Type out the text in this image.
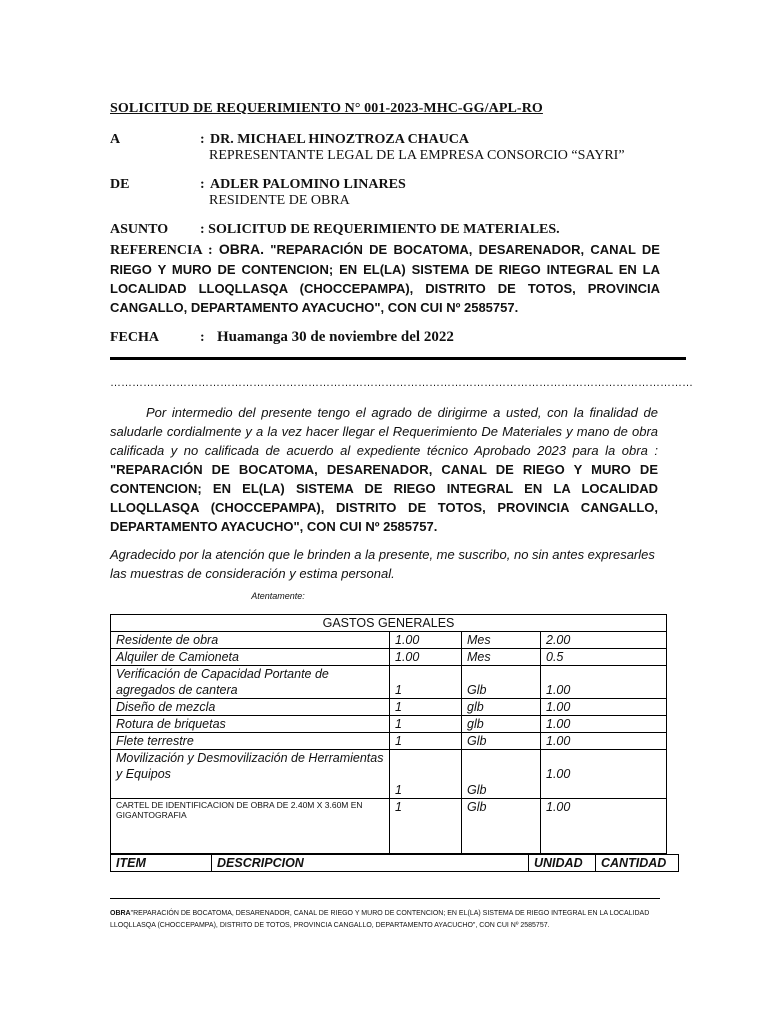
SOLICITUD DE REQUERIMIENTO N° 001-2023-MHC-GG/APL-RO
A	: DR. MICHAEL HINOZTROZA CHAUCA
REPRESENTANTE LEGAL DE LA EMPRESA CONSORCIO “SAYRI”
DE	: ADLER PALOMINO LINARES
RESIDENTE DE OBRA
ASUNTO : SOLICITUD DE REQUERIMIENTO DE MATERIALES.
REFERENCIA : OBRA. "REPARACIÓN DE BOCATOMA, DESARENADOR, CANAL DE RIEGO Y MURO DE CONTENCION; EN EL(LA) SISTEMA DE RIEGO INTEGRAL EN LA LOCALIDAD LLOQLLASQA (CHOCCEPAMPA), DISTRITO DE TOTOS, PROVINCIA CANGALLO, DEPARTAMENTO AYACUCHO", CON CUI Nº 2585757.
FECHA	: Huamanga 30 de noviembre del 2022
……………………………………………………………………………………………………………………………………………
Por intermedio del presente tengo el agrado de dirigirme a usted, con la finalidad de saludarle cordialmente y a la vez hacer llegar el Requerimiento De Materiales y mano de obra calificada y no calificada de acuerdo al expediente técnico Aprobado 2023 para la obra : "REPARACIÓN DE BOCATOMA, DESARENADOR, CANAL DE RIEGO Y MURO DE CONTENCION; EN EL(LA) SISTEMA DE RIEGO INTEGRAL EN LA LOCALIDAD LLOQLLASQA (CHOCCEPAMPA), DISTRITO DE TOTOS, PROVINCIA CANGALLO, DEPARTAMENTO AYACUCHO", CON CUI Nº 2585757.
Agradecido por la atención que le brinden a la presente, me suscribo, no sin antes expresarles las muestras de consideración y estima personal.
Atentamente:
GASTOS GENERALES			
Residente de obra	1.00	Mes	2.00
Alquiler de Camioneta	1.00	Mes	0.5
Verificación de Capacidad Portante de agregados de cantera	1	Glb	1.00
Diseño de mezcla	1	glb	1.00
Rotura de briquetas	1	glb	1.00
Flete terrestre	1	Glb	1.00
Movilización y Desmovilización de Herramientas y Equipos	1	Glb	1.00
CARTEL DE IDENTIFICACION DE OBRA DE 2.40M X 3.60M EN GIGANTOGRAFIA	1	Glb	1.00
ITEM	DESCRIPCION	UNIDAD	CANTIDAD
OBRA"REPARACIÓN DE BOCATOMA, DESARENADOR, CANAL DE RIEGO Y MURO DE CONTENCION; EN EL(LA) SISTEMA DE RIEGO INTEGRAL EN LA LOCALIDAD LLOQLLASQA (CHOCCEPAMPA), DISTRITO DE TOTOS, PROVINCIA CANGALLO, DEPARTAMENTO AYACUCHO", CON CUI Nº 2585757.
